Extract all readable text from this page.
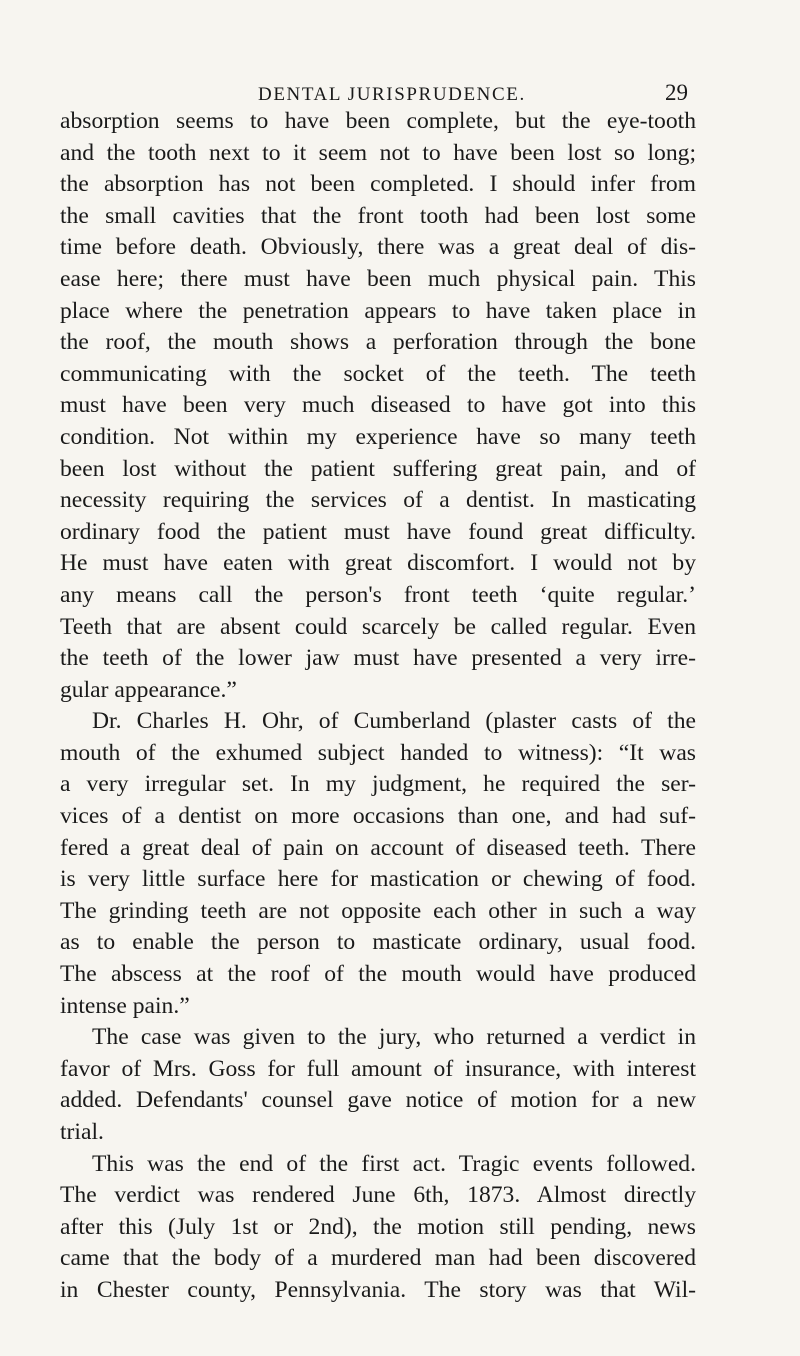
DENTAL JURISPRUDENCE.	29
absorption seems to have been complete, but the eye-tooth
and the tooth next to it seem not to have been lost so long;
the absorption has not been completed. I should infer from
the small cavities that the front tooth had been lost some
time before death. Obviously, there was a great deal of dis-
ease here; there must have been much physical pain. This
place where the penetration appears to have taken place in
the roof, the mouth shows a perforation through the bone
communicating with the socket of the teeth. The teeth
must have been very much diseased to have got into this
condition. Not within my experience have so many teeth
been lost without the patient suffering great pain, and of
necessity requiring the services of a dentist. In masticating
ordinary food the patient must have found great difficulty.
He must have eaten with great discomfort. I would not by
any means call the person's front teeth ‘quite regular.’
Teeth that are absent could scarcely be called regular. Even
the teeth of the lower jaw must have presented a very irre-
gular appearance.”
Dr. Charles H. Ohr, of Cumberland (plaster casts of the
mouth of the exhumed subject handed to witness): “It was
a very irregular set. In my judgment, he required the ser-
vices of a dentist on more occasions than one, and had suf-
fered a great deal of pain on account of diseased teeth. There
is very little surface here for mastication or chewing of food.
The grinding teeth are not opposite each other in such a way
as to enable the person to masticate ordinary, usual food.
The abscess at the roof of the mouth would have produced
intense pain.”
The case was given to the jury, who returned a verdict in
favor of Mrs. Goss for full amount of insurance, with interest
added. Defendants' counsel gave notice of motion for a new
trial.
This was the end of the first act. Tragic events followed.
The verdict was rendered June 6th, 1873. Almost directly
after this (July 1st or 2nd), the motion still pending, news
came that the body of a murdered man had been discovered
in Chester county, Pennsylvania. The story was that Wil-
